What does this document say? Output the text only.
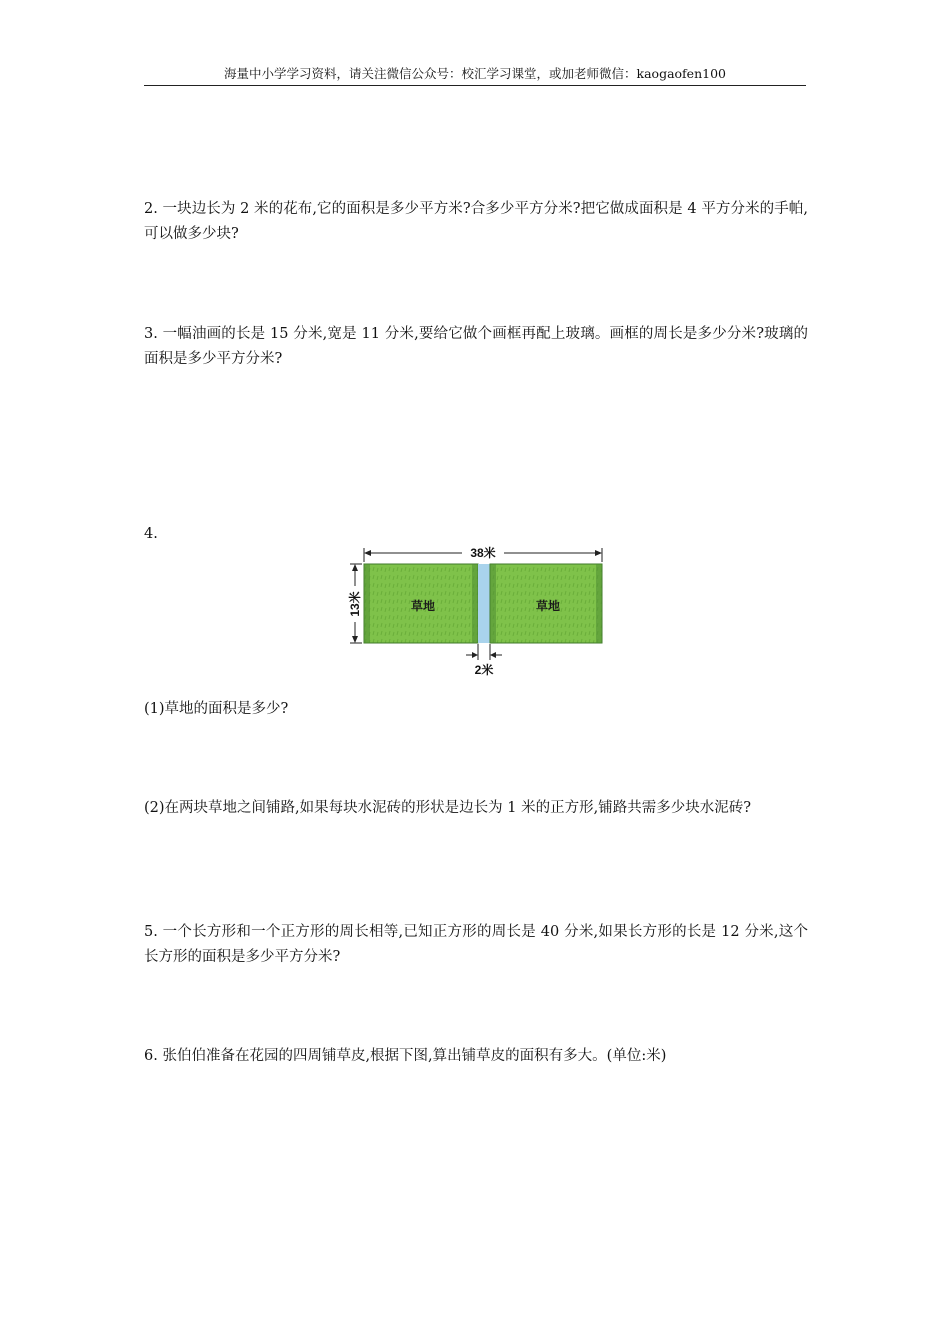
海量中小学学习资料，请关注微信公众号：校汇学习课堂，或加老师微信：kaogaofen100
2. 一块边长为 2 米的花布,它的面积是多少平方米?合多少平方分米?把它做成面积是 4 平方分米的手帕,可以做多少块?
3. 一幅油画的长是 15 分米,宽是 11 分米,要给它做个画框再配上玻璃。画框的周长是多少分米?玻璃的面积是多少平方分米?
4.
38米
13米
2米
草地	草地
(1)草地的面积是多少?
(2)在两块草地之间铺路,如果每块水泥砖的形状是边长为 1 米的正方形,铺路共需多少块水泥砖?
5. 一个长方形和一个正方形的周长相等,已知正方形的周长是 40 分米,如果长方形的长是 12 分米,这个长方形的面积是多少平方分米?
6. 张伯伯准备在花园的四周铺草皮,根据下图,算出铺草皮的面积有多大。(单位:米)
